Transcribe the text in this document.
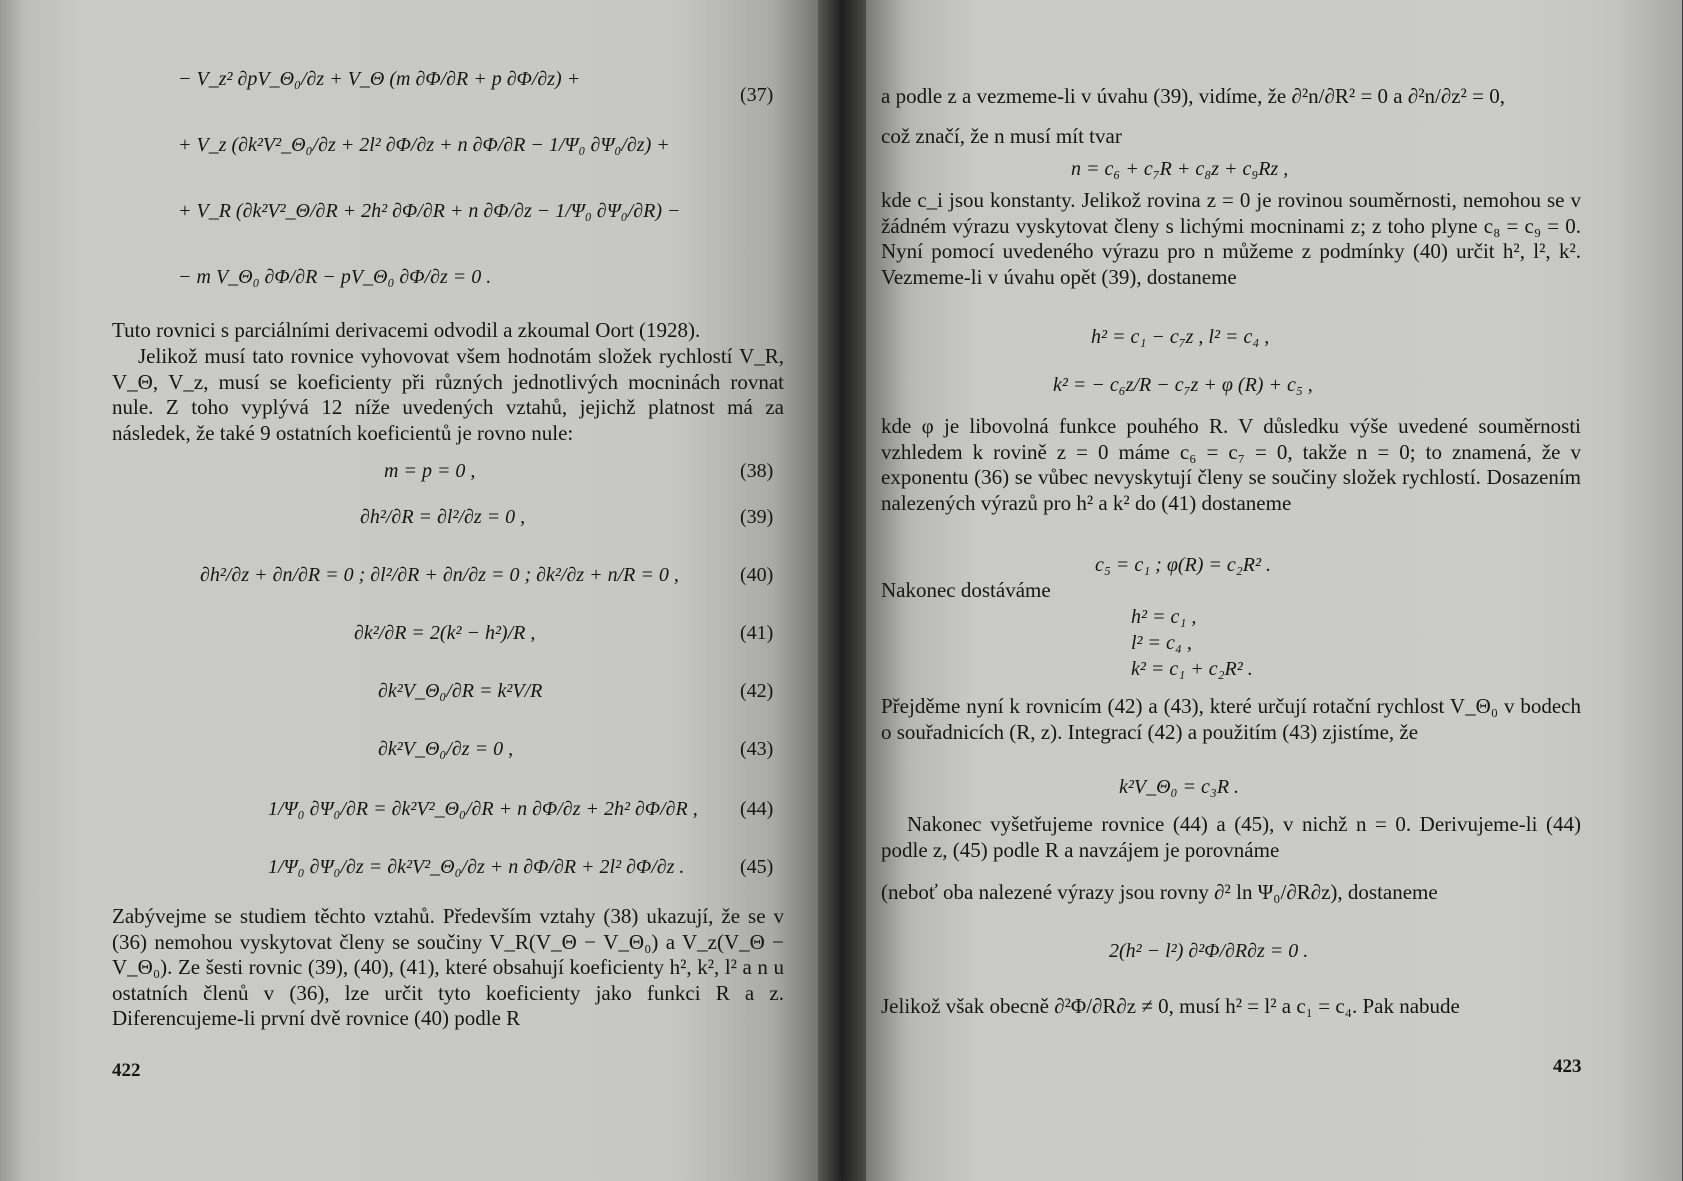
− V_z² ∂pV_Θ₀/∂z + V_Θ (m ∂Φ/∂R + p ∂Φ/∂z) +
(37)
+ V_z (∂k²V²_Θ₀/∂z + 2l² ∂Φ/∂z + n ∂Φ/∂R − 1/Ψ₀ ∂Ψ₀/∂z) +
+ V_R (∂k²V²_Θ/∂R + 2h² ∂Φ/∂R + n ∂Φ/∂z − 1/Ψ₀ ∂Ψ₀/∂R) −
− m V_Θ₀ ∂Φ/∂R − pV_Θ₀ ∂Φ/∂z = 0 .
Tuto rovnici s parciálními derivacemi odvodil a zkoumal Oort (1928).
Jelikož musí tato rovnice vyhovovat všem hodnotám složek rychlostí V_R, V_Θ, V_z, musí se koeficienty při různých jednotlivých mocninách rovnat nule. Z toho vyplývá 12 níže uvedených vztahů, jejichž platnost má za následek, že také 9 ostatních koeficientů je rovno nule:
m = p = 0 ,	(38)
∂h²/∂R = ∂l²/∂z = 0 ,	(39)
∂h²/∂z + ∂n/∂R = 0 ; ∂l²/∂R + ∂n/∂z = 0 ; ∂k²/∂z + n/R = 0 ,	(40)
∂k²/∂R = 2(k² − h²)/R ,	(41)
∂k²V_Θ₀/∂R = k²V/R	(42)
∂k²V_Θ₀/∂z = 0 ,	(43)
1/Ψ₀ ∂Ψ₀/∂R = ∂k²V²_Θ₀/∂R + n ∂Φ/∂z + 2h² ∂Φ/∂R , (44)
1/Ψ₀ ∂Ψ₀/∂z = ∂k²V²_Θ₀/∂z + n ∂Φ/∂R + 2l² ∂Φ/∂z .	(45)
Zabývejme se studiem těchto vztahů. Především vztahy (38) ukazují, že se v (36) nemohou vyskytovat členy se součiny V_R(V_Θ − V_Θ₀) a V_z(V_Θ − V_Θ₀). Ze šesti rovnic (39), (40), (41), které obsahují koeficienty h², k², l² a n u ostatních členů v (36), lze určit tyto koeficienty jako funkci R a z. Diferencujeme-li první dvě rovnice (40) podle R
422
a podle z a vezmeme-li v úvahu (39), vidíme, že ∂²n/∂R² = 0 a ∂²n/∂z² = 0,
což značí, že n musí mít tvar
n = c₆ + c₇R + c₈z + c₉Rz ,
kde c_i jsou konstanty. Jelikož rovina z = 0 je rovinou souměrnosti, nemohou se v žádném výrazu vyskytovat členy s lichými mocninami z; z toho plyne c₈ = c₉ = 0. Nyní pomocí uvedeného výrazu pro n můžeme z podmínky (40) určit h², l², k². Vezmeme-li v úvahu opět (39), dostaneme
h² = c₁ − c₇z , l² = c₄ ,
k² = − c₆z/R − c₇z + φ (R) + c₅ ,
kde φ je libovolná funkce pouhého R. V důsledku výše uvedené souměrnosti vzhledem k rovině z = 0 máme c₆ = c₇ = 0, takže n = 0; to znamená, že v exponentu (36) se vůbec nevyskytují členy se součiny složek rychlostí. Dosazením nalezených výrazů pro h² a k² do (41) dostaneme
c₅ = c₁ ; φ(R) = c₂R² .
Nakonec dostáváme
h² = c₁ ,
l² = c₄ ,
k² = c₁ + c₂R² .
Přejděme nyní k rovnicím (42) a (43), které určují rotační rychlost V_Θ₀ v bodech o souřadnicích (R, z). Integrací (42) a použitím (43) zjistíme, že
k²V_Θ₀ = c₃R .
Nakonec vyšetřujeme rovnice (44) a (45), v nichž n = 0. Derivujeme-li (44) podle z, (45) podle R a navzájem je porovnáme
(neboť oba nalezené výrazy jsou rovny ∂² ln Ψ₀/∂R∂z), dostaneme
2(h² − l²) ∂²Φ/∂R∂z = 0 .
Jelikož však obecně ∂²Φ/∂R∂z ≠ 0, musí h² = l² a c₁ = c₄. Pak nabude
423
